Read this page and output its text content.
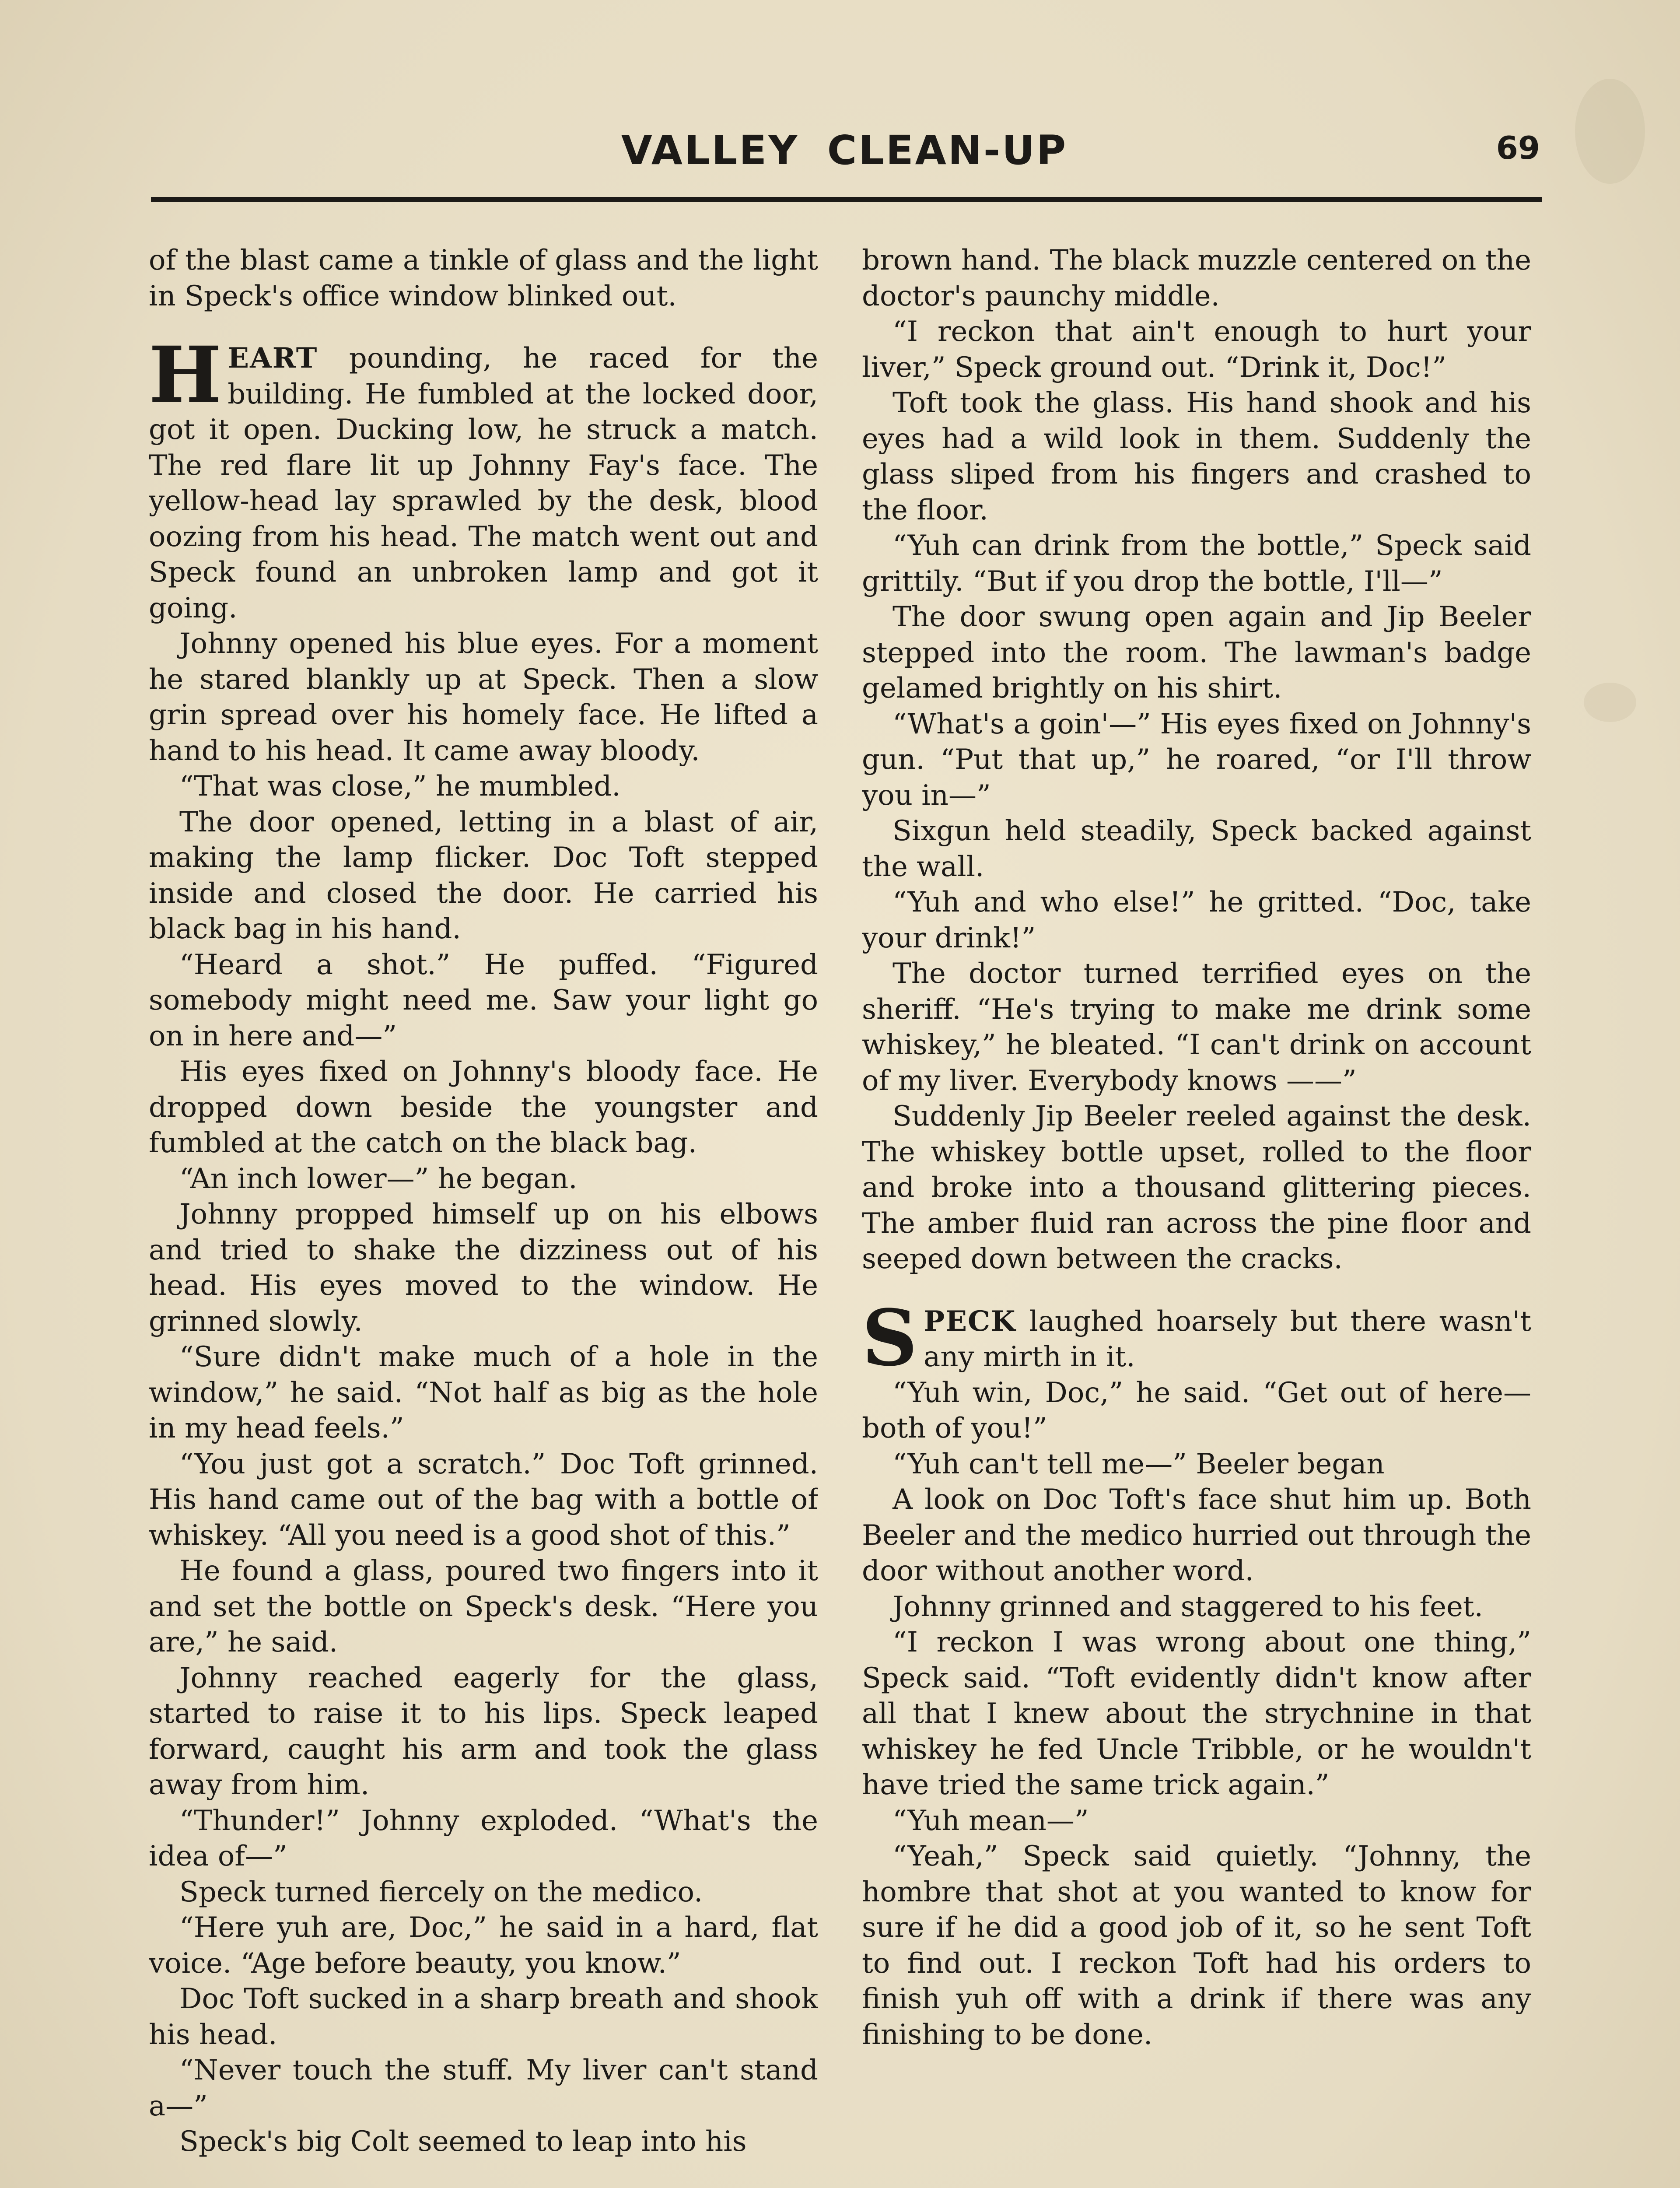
VALLEY CLEAN-UP	69

of the blast came a tinkle of glass and the light in Speck's office window blinked out.

HEART pounding, he raced for the building. He fumbled at the locked door, got it open. Ducking low, he struck a match. The red flare lit up Johnny Fay's face. The yellow-head lay sprawled by the desk, blood oozing from his head. The match went out and Speck found an unbroken lamp and got it going.

Johnny opened his blue eyes. For a moment he stared blankly up at Speck. Then a slow grin spread over his homely face. He lifted a hand to his head. It came away bloody.

“That was close,” he mumbled.

The door opened, letting in a blast of air, making the lamp flicker. Doc Toft stepped inside and closed the door. He carried his black bag in his hand.

“Heard a shot.” He puffed. “Figured somebody might need me. Saw your light go on in here and—”

His eyes fixed on Johnny's bloody face. He dropped down beside the youngster and fumbled at the catch on the black bag.

“An inch lower—” he began.

Johnny propped himself up on his elbows and tried to shake the dizziness out of his head. His eyes moved to the window. He grinned slowly.

“Sure didn't make much of a hole in the window,” he said. “Not half as big as the hole in my head feels.”

“You just got a scratch.” Doc Toft grinned. His hand came out of the bag with a bottle of whiskey. “All you need is a good shot of this.”

He found a glass, poured two fingers into it and set the bottle on Speck's desk. “Here you are,” he said.

Johnny reached eagerly for the glass, started to raise it to his lips. Speck leaped forward, caught his arm and took the glass away from him.

“Thunder!” Johnny exploded. “What's the idea of—”

Speck turned fiercely on the medico.

“Here yuh are, Doc,” he said in a hard, flat voice. “Age before beauty, you know.”

Doc Toft sucked in a sharp breath and shook his head.

“Never touch the stuff. My liver can't stand a—”

Speck's big Colt seemed to leap into his

brown hand. The black muzzle centered on the doctor's paunchy middle.

“I reckon that ain't enough to hurt your liver,” Speck ground out. “Drink it, Doc!”

Toft took the glass. His hand shook and his eyes had a wild look in them. Suddenly the glass sliped from his fingers and crashed to the floor.

“Yuh can drink from the bottle,” Speck said grittily. “But if you drop the bottle, I'll—”

The door swung open again and Jip Beeler stepped into the room. The lawman's badge gelamed brightly on his shirt.

“What's a goin'—” His eyes fixed on Johnny's gun. “Put that up,” he roared, “or I'll throw you in—”

Sixgun held steadily, Speck backed against the wall.

“Yuh and who else!” he gritted. “Doc, take your drink!”

The doctor turned terrified eyes on the sheriff. “He's trying to make me drink some whiskey,” he bleated. “I can't drink on account of my liver. Everybody knows ——”

Suddenly Jip Beeler reeled against the desk. The whiskey bottle upset, rolled to the floor and broke into a thousand glittering pieces. The amber fluid ran across the pine floor and seeped down between the cracks.

SPECK laughed hoarsely but there wasn't any mirth in it.

“Yuh win, Doc,” he said. “Get out of here—both of you!”

“Yuh can't tell me—” Beeler began

A look on Doc Toft's face shut him up. Both Beeler and the medico hurried out through the door without another word.

Johnny grinned and staggered to his feet.

“I reckon I was wrong about one thing,” Speck said. “Toft evidently didn't know after all that I knew about the strychnine in that whiskey he fed Uncle Tribble, or he wouldn't have tried the same trick again.”

“Yuh mean—”

“Yeah,” Speck said quietly. “Johnny, the hombre that shot at you wanted to know for sure if he did a good job of it, so he sent Toft to find out. I reckon Toft had his orders to finish yuh off with a drink if there was any finishing to be done.
